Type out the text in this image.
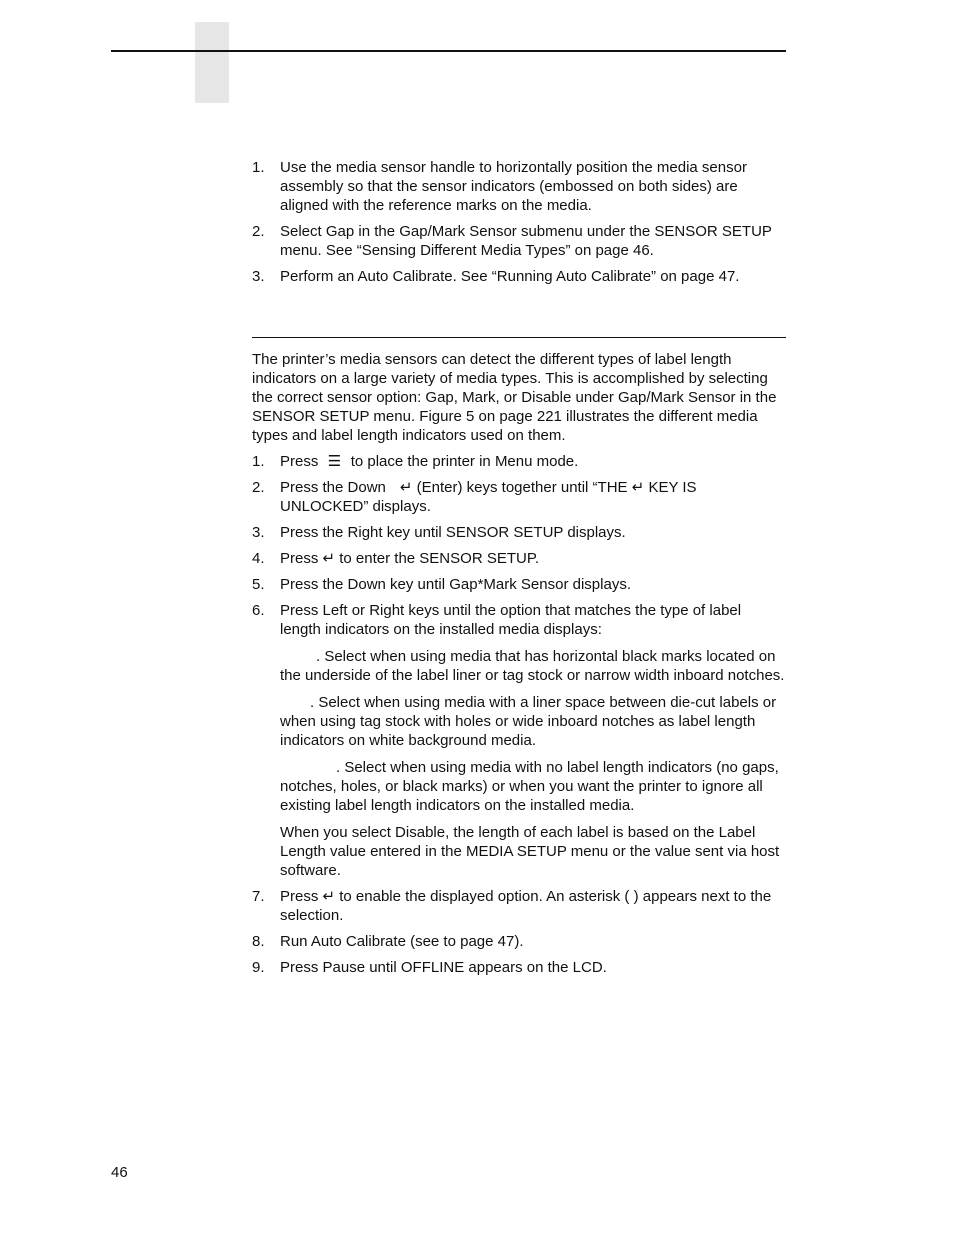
1. Use the media sensor handle to horizontally position the media sensor assembly so that the sensor indicators (embossed on both sides) are aligned with the reference marks on the media.
2. Select Gap in the Gap/Mark Sensor submenu under the SENSOR SETUP menu. See “Sensing Different Media Types” on page 46.
3. Perform an Auto Calibrate. See “Running Auto Calibrate” on page 47.

The printer’s media sensors can detect the different types of label length indicators on a large variety of media types. This is accomplished by selecting the correct sensor option: Gap, Mark, or Disable under Gap/Mark Sensor in the SENSOR SETUP menu. Figure 5 on page 221 illustrates the different media types and label length indicators used on them.

1. Press ☰ to place the printer in Menu mode.
2. Press the Down ↵ (Enter) keys together until “THE ↵ KEY IS UNLOCKED” displays.
3. Press the Right key until SENSOR SETUP displays.
4. Press ↵ to enter the SENSOR SETUP.
5. Press the Down key until Gap*Mark Sensor displays.
6. Press Left or Right keys until the option that matches the type of label length indicators on the installed media displays:

. Select when using media that has horizontal black marks located on the underside of the label liner or tag stock or narrow width inboard notches.

. Select when using media with a liner space between die-cut labels or when using tag stock with holes or wide inboard notches as label length indicators on white background media.

. Select when using media with no label length indicators (no gaps, notches, holes, or black marks) or when you want the printer to ignore all existing label length indicators on the installed media.

When you select Disable, the length of each label is based on the Label Length value entered in the MEDIA SETUP menu or the value sent via host software.

7. Press ↵ to enable the displayed option. An asterisk ( ) appears next to the selection.
8. Run Auto Calibrate (see to page 47).
9. Press Pause until OFFLINE appears on the LCD.
46
